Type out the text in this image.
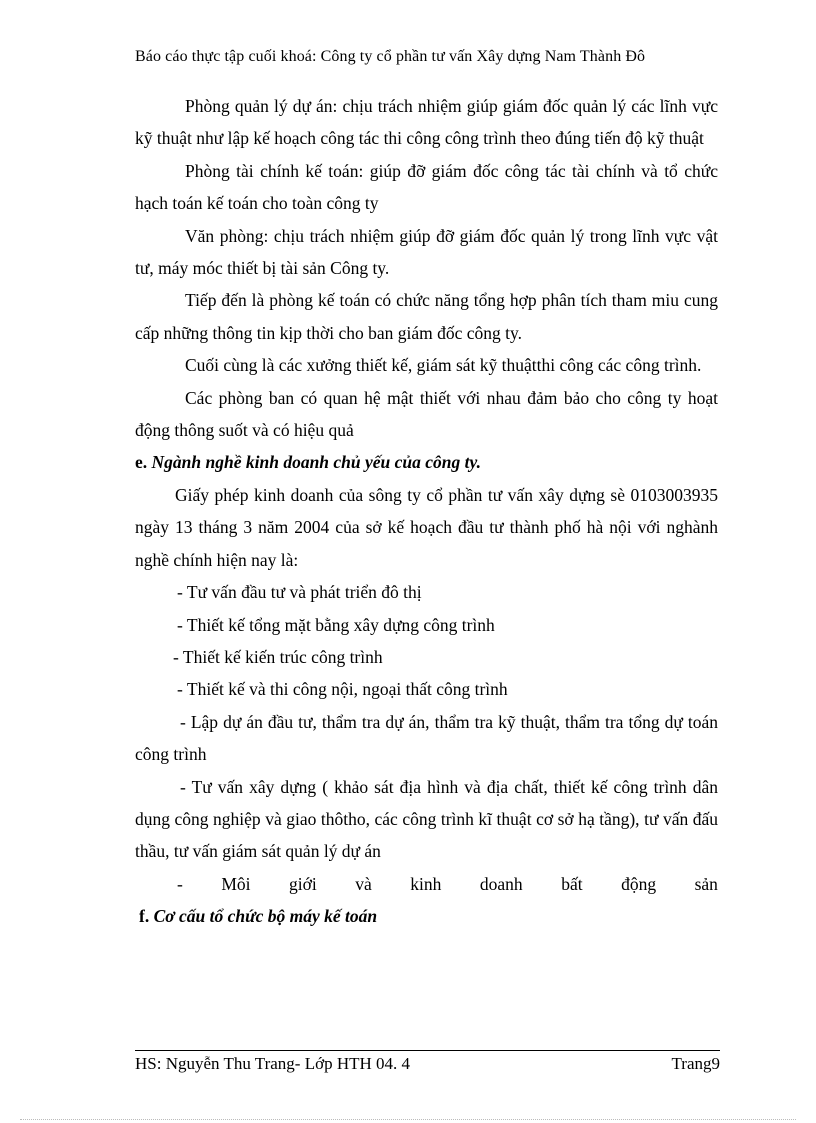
Báo cáo thực tập cuối khoá: Công ty cổ phần tư vấn Xây dựng Nam Thành Đô

Phòng quản lý dự án: chịu trách nhiệm giúp giám đốc quản lý các lĩnh vực kỹ thuật như lập kế hoạch công tác thi công công trình theo đúng tiến độ kỹ thuật

Phòng tài chính kế toán: giúp đỡ giám đốc công tác tài chính và tổ chức hạch toán kế toán cho toàn công ty

Văn phòng: chịu trách nhiệm giúp đỡ giám đốc quản lý trong lĩnh vực vật tư, máy móc thiết bị tài sản Công ty.

Tiếp đến là phòng kế toán có chức năng tổng hợp phân tích tham miu cung cấp những thông tin kịp thời cho ban giám đốc công ty.

Cuối cùng là các xưởng thiết kế, giám sát kỹ thuậtthi công các công trình.

Các phòng ban có quan hệ mật thiết với nhau đảm bảo cho công ty hoạt động thông suốt và có hiệu quả

e. Ngành nghề kinh doanh chủ yếu của công ty.

Giấy phép kinh doanh của sông ty cổ phần tư vấn xây dựng sè 0103003935 ngày 13 tháng 3 năm 2004 của sở kế hoạch đầu tư thành phố hà nội với nghành nghề chính hiện nay là:

- Tư vấn đầu tư và phát triển đô thị

- Thiết kế tổng mặt bằng xây dựng công trình

- Thiết kế kiến trúc công trình

- Thiết kế và thi công nội, ngoại thất công trình

- Lập dự án đầu tư, thẩm tra dự án, thẩm tra kỹ thuật, thẩm tra tổng dự toán công trình

- Tư vấn xây dựng ( khảo sát địa hình và địa chất, thiết kế công trình dân dụng công nghiệp và giao thôtho, các công trình kĩ thuật cơ sở hạ tầng), tư vấn đấu thầu, tư vấn giám sát quản lý dự án

- Môi giới và kinh doanh bất động sản

f. Cơ cấu tổ chức bộ máy kế toán

HS: Nguyễn Thu Trang- Lớp HTH 04. 4	Trang9
